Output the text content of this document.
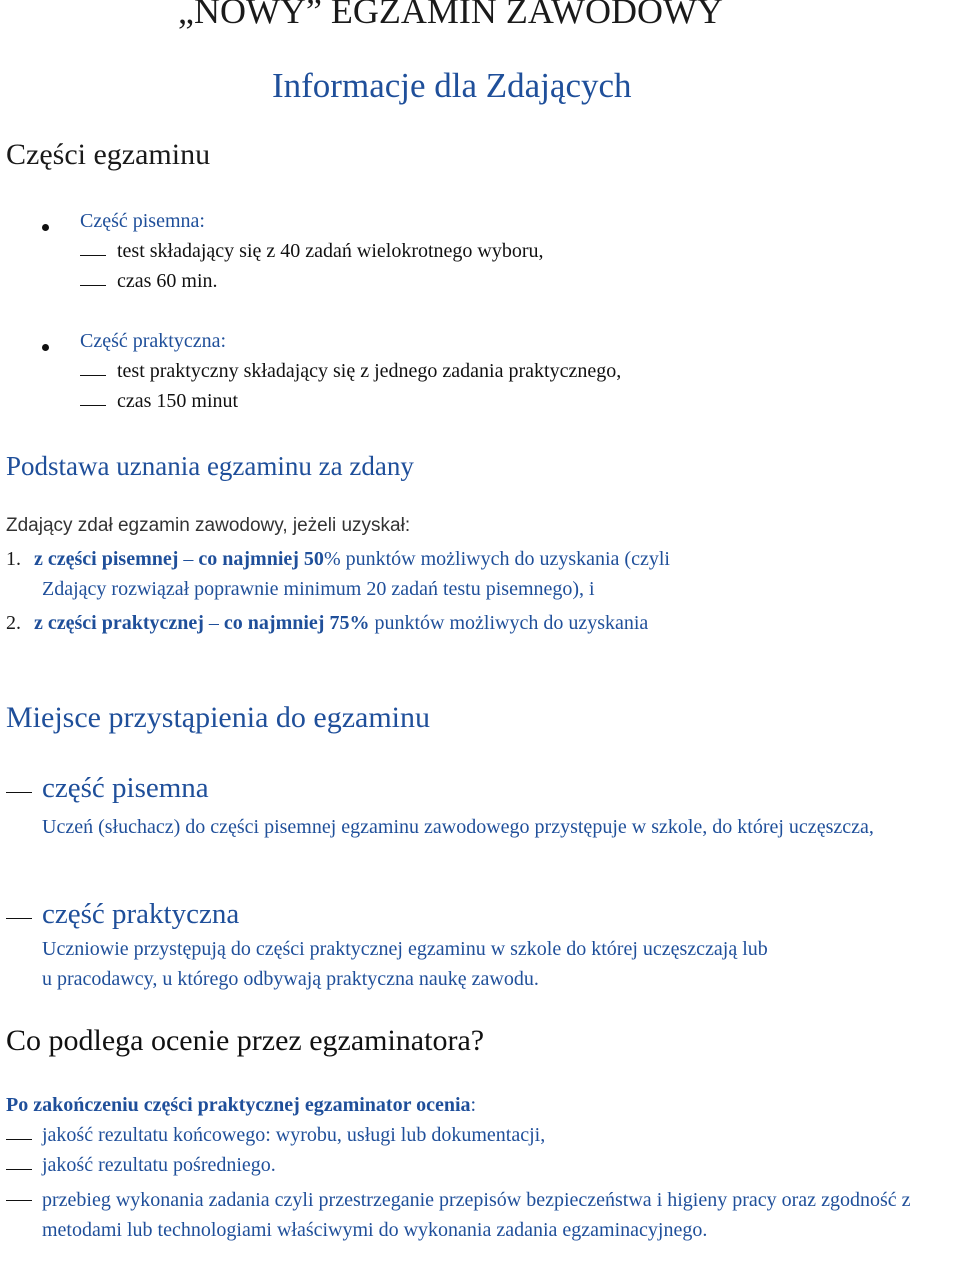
„NOWY” EGZAMIN ZAWODOWY
Informacje dla Zdających
Części egzaminu
Część pisemna:
test składający się z 40 zadań wielokrotnego wyboru,
czas 60 min.
Część praktyczna:
test praktyczny składający się z jednego zadania praktycznego,
czas 150 minut
Podstawa uznania egzaminu za zdany
Zdający zdał egzamin zawodowy, jeżeli uzyskał:
1. z części pisemnej – co najmniej 50% punktów możliwych do uzyskania (czyli
Zdający rozwiązał poprawnie minimum 20 zadań testu pisemnego), i
2. z części praktycznej – co najmniej 75% punktów możliwych do uzyskania
Miejsce przystąpienia do egzaminu
część pisemna
Uczeń (słuchacz) do części pisemnej egzaminu zawodowego przystępuje w szkole, do której uczęszcza,
część praktyczna
Uczniowie przystępują do części praktycznej egzaminu w szkole do której uczęszczają lub
u pracodawcy, u którego odbywają praktyczna naukę zawodu.
Co podlega ocenie przez egzaminatora?
Po zakończeniu części praktycznej egzaminator ocenia:
jakość rezultatu końcowego: wyrobu, usługi lub dokumentacji,
jakość rezultatu pośredniego.
przebieg wykonania zadania czyli przestrzeganie przepisów bezpieczeństwa i higieny pracy oraz zgodność z metodami lub technologiami właściwymi do wykonania zadania egzaminacyjnego.
